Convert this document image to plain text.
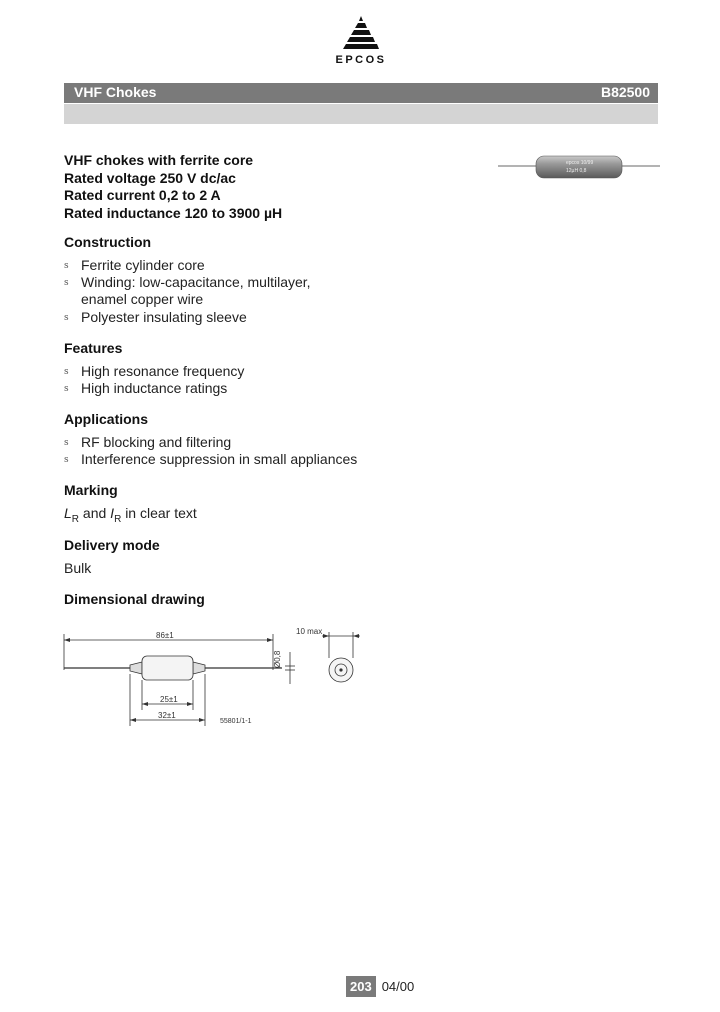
EPCOS
VHF Chokes	B82500
VHF chokes with ferrite core
Rated voltage 250 V dc/ac
Rated current 0,2 to 2 A
Rated inductance 120 to 3900 µH
epcos 10/99
12µH 0,8
Construction
s Ferrite cylinder core
s Winding: low-capacitance, multilayer,
enamel copper wire
s Polyester insulating sleeve
Features
s High resonance frequency
s High inductance ratings
Applications
s RF blocking and filtering
s Interference suppression in small appliances
Marking
$L_R$ and $I_R$ in clear text
Delivery mode
Bulk
Dimensional drawing
86±1
Ø0,8
25±1
32±1
10 max
55801/1-1
203 04/00
